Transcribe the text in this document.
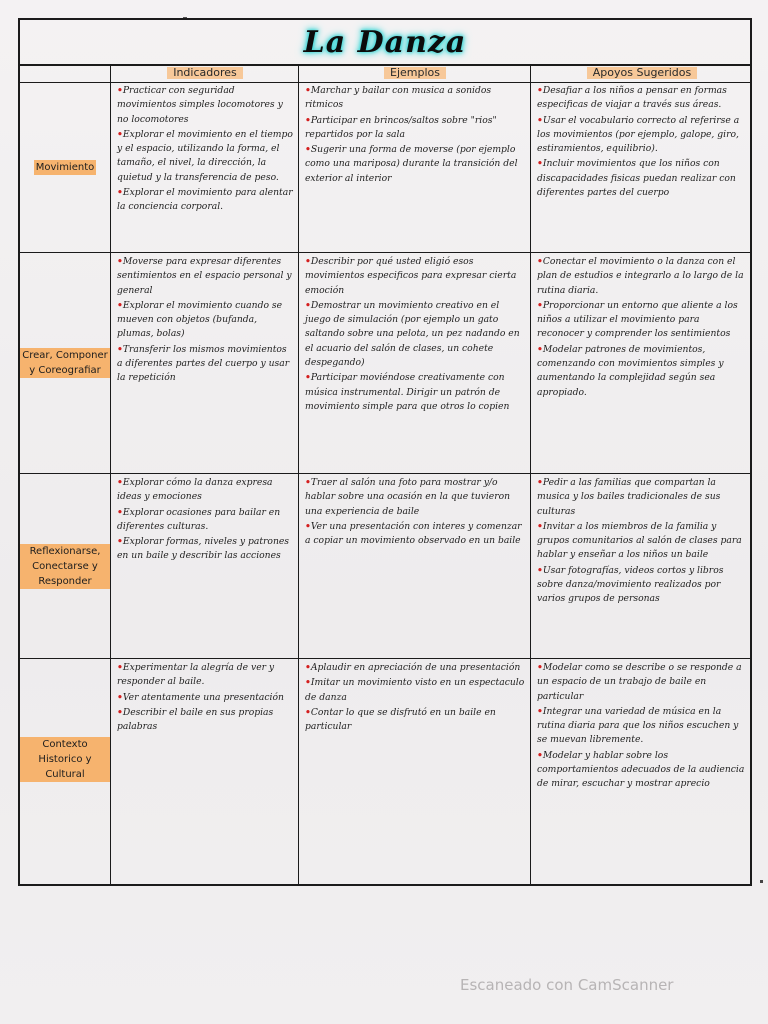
La Danza
Indicadores	Ejemplos	Apoyos Sugeridos
Movimiento
•Practicar con seguridad movimientos simples locomotores y no locomotores
•Explorar el movimiento en el tiempo y el espacio, utilizando la forma, el tamaño, el nivel, la dirección, la quietud y la transferencia de peso.
•Explorar el movimiento para alentar la conciencia corporal.
•Marchar y bailar con musica a sonidos ritmicos
•Participar en brincos/saltos sobre "rios" repartidos por la sala
•Sugerir una forma de moverse (por ejemplo como una mariposa) durante la transición del exterior al interior
•Desafiar a los niños a pensar en formas especificas de viajar a través sus áreas.
•Usar el vocabulario correcto al referirse a los movimientos (por ejemplo, galope, giro, estiramientos, equilibrio).
•Incluir movimientos que los niños con discapacidades fisicas puedan realizar con diferentes partes del cuerpo
Crear, Componer y Coreografiar
•Moverse para expresar diferentes sentimientos en el espacio personal y general
•Explorar el movimiento cuando se mueven con objetos (bufanda, plumas, bolas)
•Transferir los mismos movimientos a diferentes partes del cuerpo y usar la repetición
•Describir por qué usted eligió esos movimientos especificos para expresar cierta emoción
•Demostrar un movimiento creativo en el juego de simulación (por ejemplo un gato saltando sobre una pelota, un pez nadando en el acuario del salón de clases, un cohete despegando)
•Participar moviéndose creativamente con música instrumental. Dirigir un patrón de movimiento simple para que otros lo copien
•Conectar el movimiento o la danza con el plan de estudios e integrarlo a lo largo de la rutina diaria.
•Proporcionar un entorno que aliente a los niños a utilizar el movimiento para reconocer y comprender los sentimientos
•Modelar patrones de movimientos, comenzando con movimientos simples y aumentando la complejidad según sea apropiado.
Reflexionarse, Conectarse y Responder
•Explorar cómo la danza expresa ideas y emociones
•Explorar ocasiones para bailar en diferentes culturas.
•Explorar formas, niveles y patrones en un baile y describir las acciones
•Traer al salón una foto para mostrar y/o hablar sobre una ocasión en la que tuvieron una experiencia de baile
•Ver una presentación con interes y comenzar a copiar un movimiento observado en un baile
•Pedir a las familias que compartan la musica y los bailes tradicionales de sus culturas
•Invitar a los miembros de la familia y grupos comunitarios al salón de clases para hablar y enseñar a los niños un baile
•Usar fotografías, videos cortos y libros sobre danza/movimiento realizados por varios grupos de personas
Contexto Historico y Cultural
•Experimentar la alegría de ver y responder al baile.
•Ver atentamente una presentación
•Describir el baile en sus propias palabras
•Aplaudir en apreciación de una presentación
•Imitar un movimiento visto en un espectaculo de danza
•Contar lo que se disfrutó en un baile en particular
•Modelar como se describe o se responde a un espacio de un trabajo de baile en particular
•Integrar una variedad de música en la rutina diaria para que los niños escuchen y se muevan libremente.
•Modelar y hablar sobre los comportamientos adecuados de la audiencia de mirar, escuchar y mostrar aprecio
Escaneado con CamScanner
